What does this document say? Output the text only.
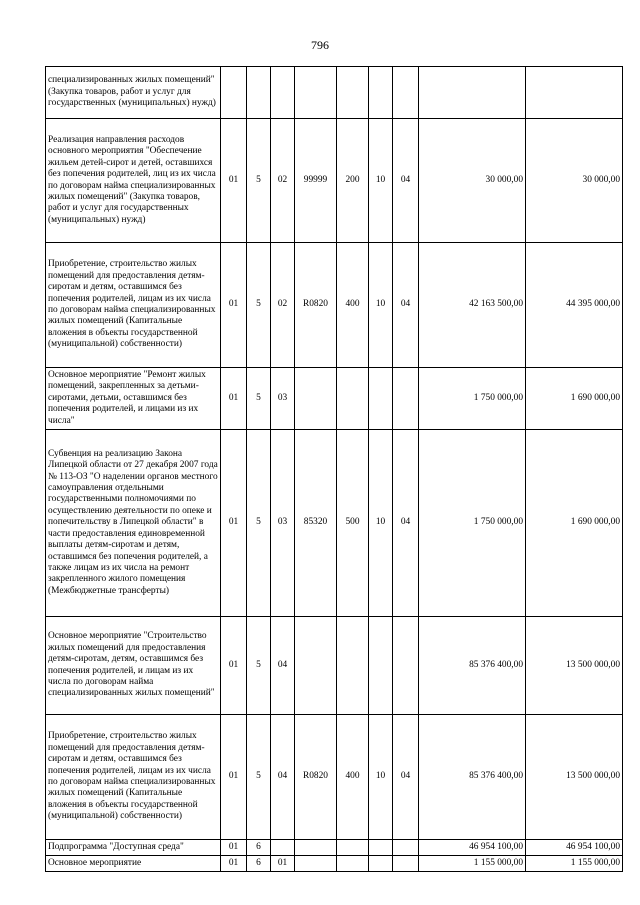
796
специализированных жилых помещений" (Закупка товаров, работ и услуг для государственных (муниципальных) нужд)									
Реализация направления расходов основного мероприятия "Обеспечение жильем детей-сирот и детей, оставшихся без попечения родителей, лиц из их числа по договорам найма специализированных жилых помещений" (Закупка товаров, работ и услуг для государственных (муниципальных) нужд)	01	5	02	99999	200	10	04	30 000,00	30 000,00
Приобретение, строительство жилых помещений для предоставления детям-сиротам и детям, оставшимся без попечения родителей, лицам из их числа по договорам найма специализированных жилых помещений (Капитальные вложения в объекты государственной (муниципальной) собственности)	01	5	02	R0820	400	10	04	42 163 500,00	44 395 000,00
Основное мероприятие "Ремонт жилых помещений, закрепленных за детьми-сиротами, детьми, оставшимся без попечения родителей, и лицами из их числа"	01	5	03					1 750 000,00	1 690 000,00
Субвенция на реализацию Закона Липецкой области от 27 декабря 2007 года № 113-ОЗ "О наделении органов местного самоуправления отдельными государственными полномочиями по осуществлению деятельности по опеке и попечительству в Липецкой области" в части предоставления единовременной выплаты детям-сиротам и детям, оставшимся без попечения родителей, а также лицам из их числа на ремонт закрепленного жилого помещения (Межбюджетные трансферты)	01	5	03	85320	500	10	04	1 750 000,00	1 690 000,00
Основное мероприятие "Строительство жилых помещений для предоставления детям-сиротам, детям, оставшимся без попечения родителей, и лицам из их числа по договорам найма специализированных жилых помещений"	01	5	04					85 376 400,00	13 500 000,00
Приобретение, строительство жилых помещений для предоставления детям-сиротам и детям, оставшимся без попечения родителей, лицам из их числа по договорам найма специализированных жилых помещений (Капитальные вложения в объекты государственной (муниципальной) собственности)	01	5	04	R0820	400	10	04	85 376 400,00	13 500 000,00
Подпрограмма "Доступная среда"	01	6						46 954 100,00	46 954 100,00
Основное мероприятие	01	6	01					1 155 000,00	1 155 000,00
